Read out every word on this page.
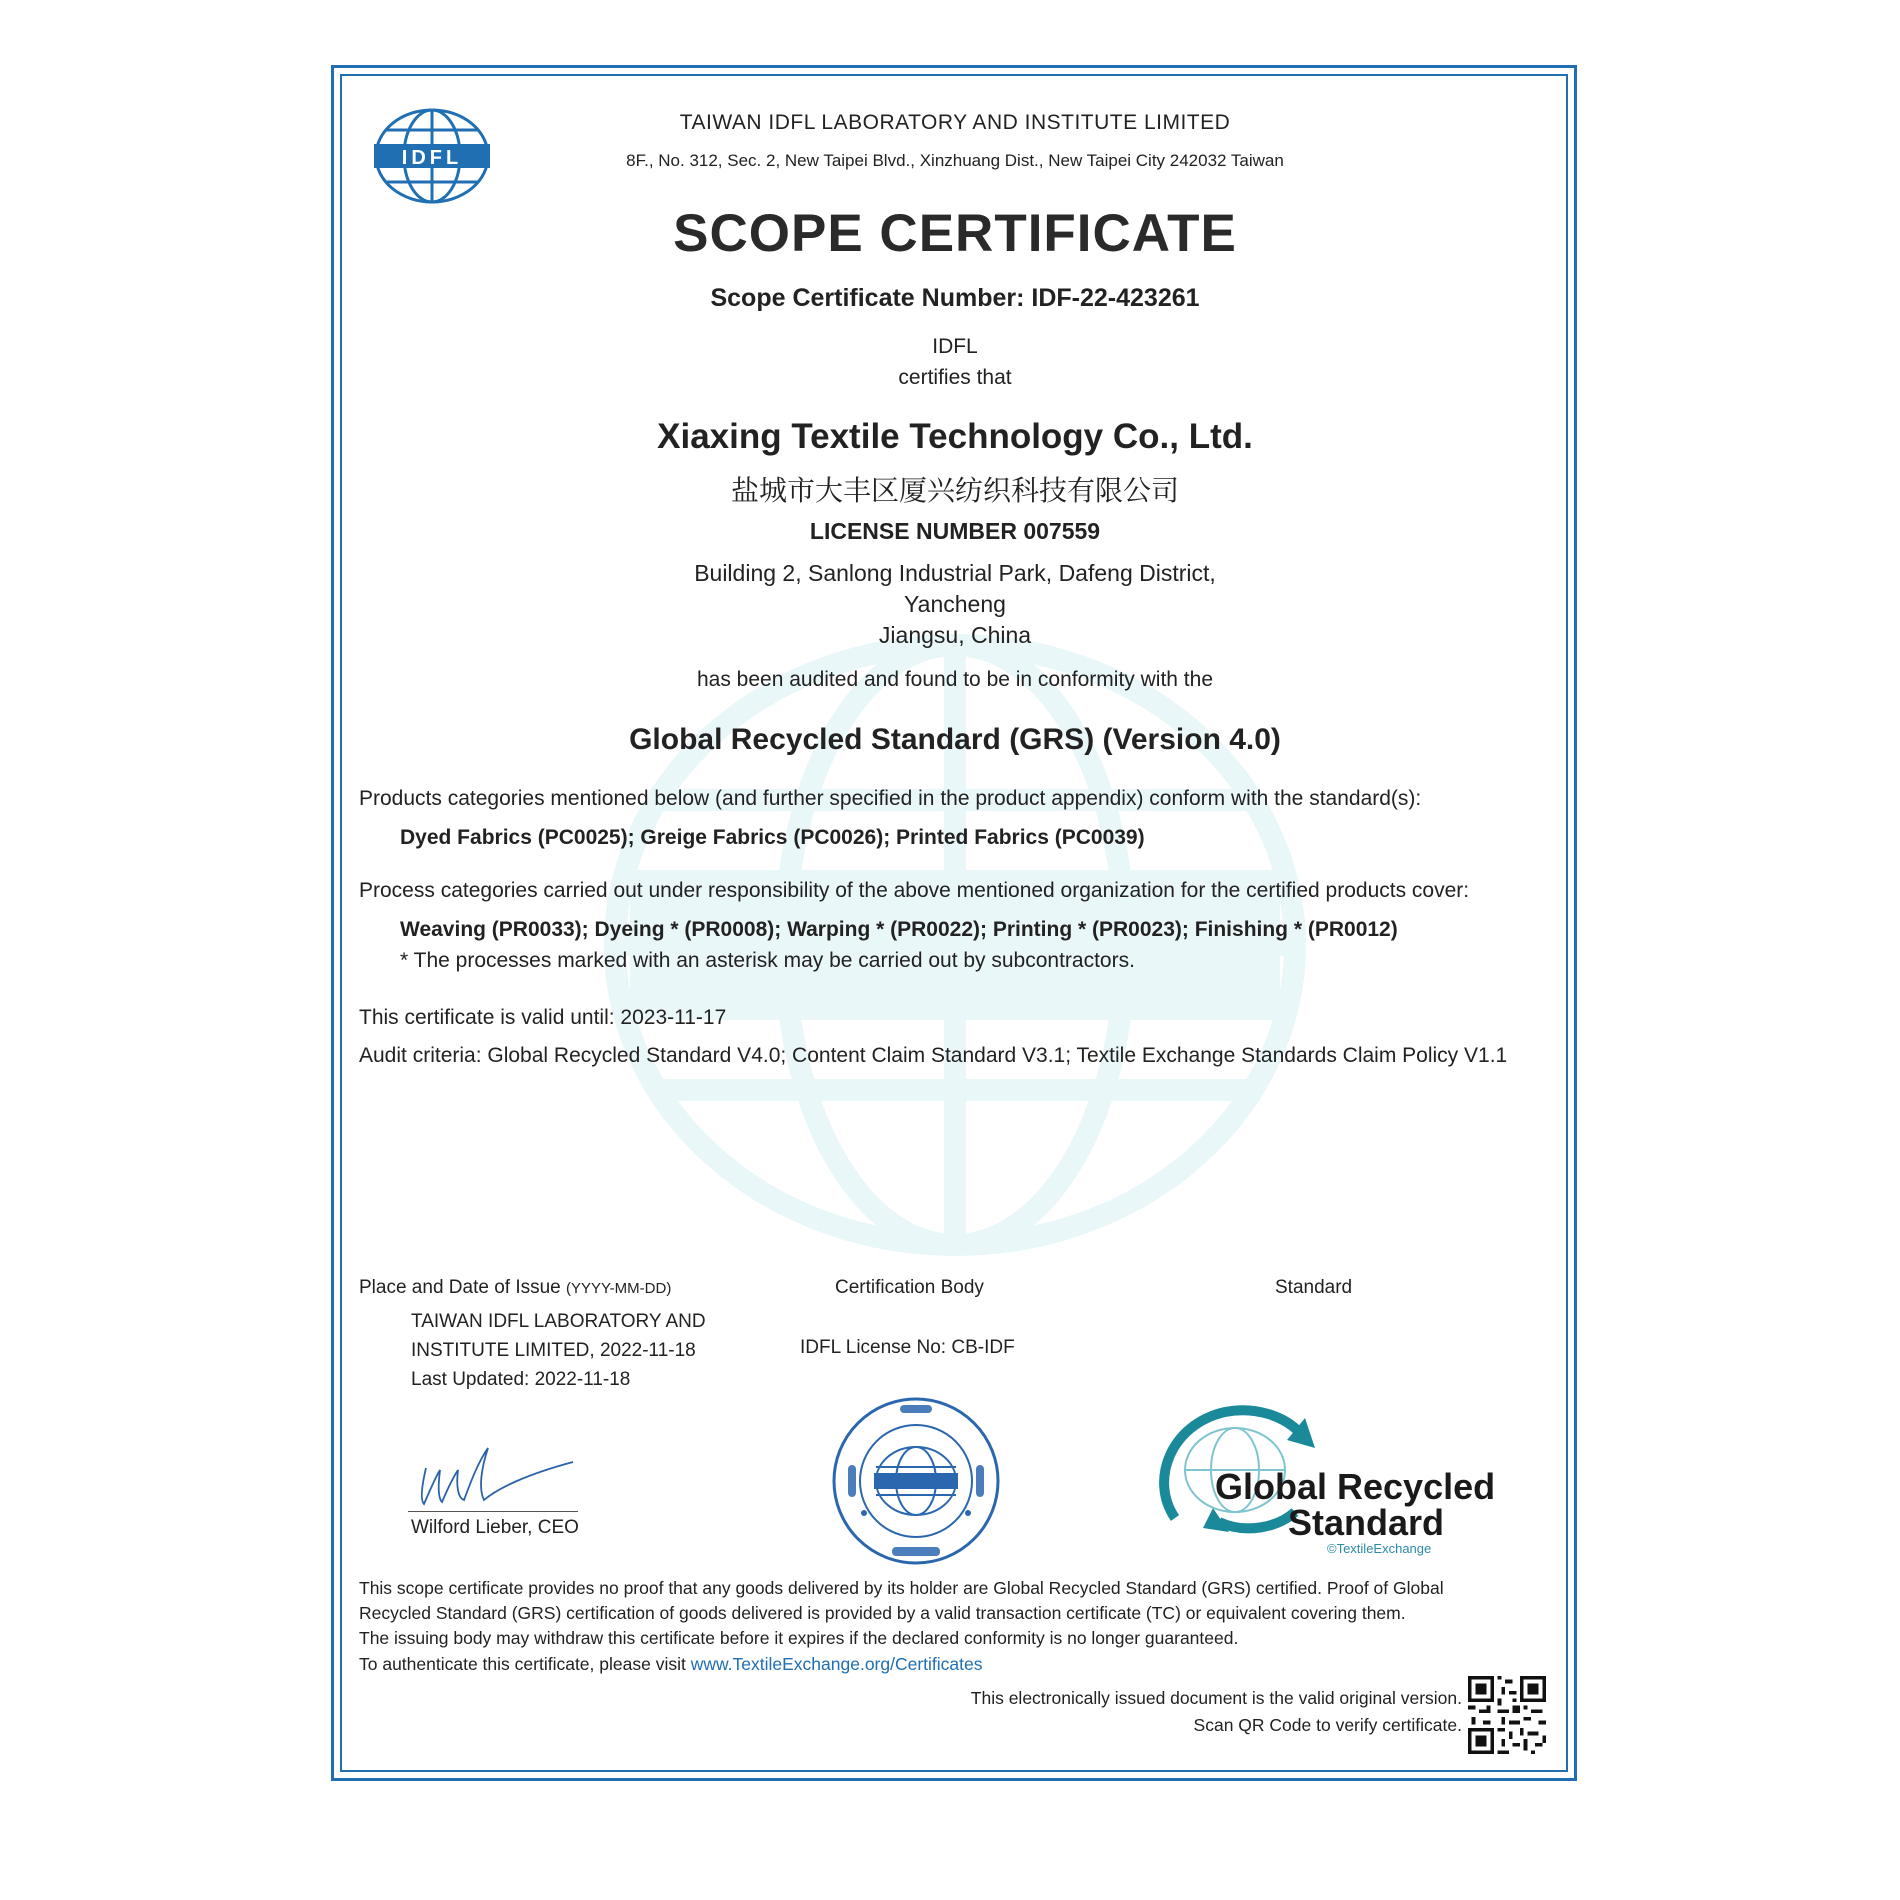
IDFL
TAIWAN IDFL LABORATORY AND INSTITUTE LIMITED
8F., No. 312, Sec. 2, New Taipei Blvd., Xinzhuang Dist., New Taipei City 242032 Taiwan
SCOPE CERTIFICATE
Scope Certificate Number: IDF-22-423261
IDFL
certifies that
Xiaxing Textile Technology Co., Ltd.
盐城市大丰区厦兴纺织科技有限公司
LICENSE NUMBER 007559
Building 2, Sanlong Industrial Park, Dafeng District,
Yancheng
Jiangsu, China
has been audited and found to be in conformity with the
Global Recycled Standard (GRS) (Version 4.0)
Products categories mentioned below (and further specified in the product appendix) conform with the standard(s):
Dyed Fabrics (PC0025); Greige Fabrics (PC0026); Printed Fabrics (PC0039)
Process categories carried out under responsibility of the above mentioned organization for the certified products cover:
Weaving (PR0033); Dyeing * (PR0008); Warping * (PR0022); Printing * (PR0023); Finishing * (PR0012)
* The processes marked with an asterisk may be carried out by subcontractors.
This certificate is valid until: 2023-11-17
Audit criteria: Global Recycled Standard V4.0; Content Claim Standard V3.1; Textile Exchange Standards Claim Policy V1.1
Place and Date of Issue (YYYY-MM-DD)	Certification Body	Standard
TAIWAN IDFL LABORATORY AND
INSTITUTE LIMITED, 2022-11-18
Last Updated: 2022-11-18
IDFL License No: CB-IDF
Wilford Lieber, CEO
Global Recycled
Standard
©TextileExchange
This scope certificate provides no proof that any goods delivered by its holder are Global Recycled Standard (GRS) certified. Proof of Global
Recycled Standard (GRS) certification of goods delivered is provided by a valid transaction certificate (TC) or equivalent covering them.
The issuing body may withdraw this certificate before it expires if the declared conformity is no longer guaranteed.
To authenticate this certificate, please visit www.TextileExchange.org/Certificates
This electronically issued document is the valid original version.
Scan QR Code to verify certificate.
